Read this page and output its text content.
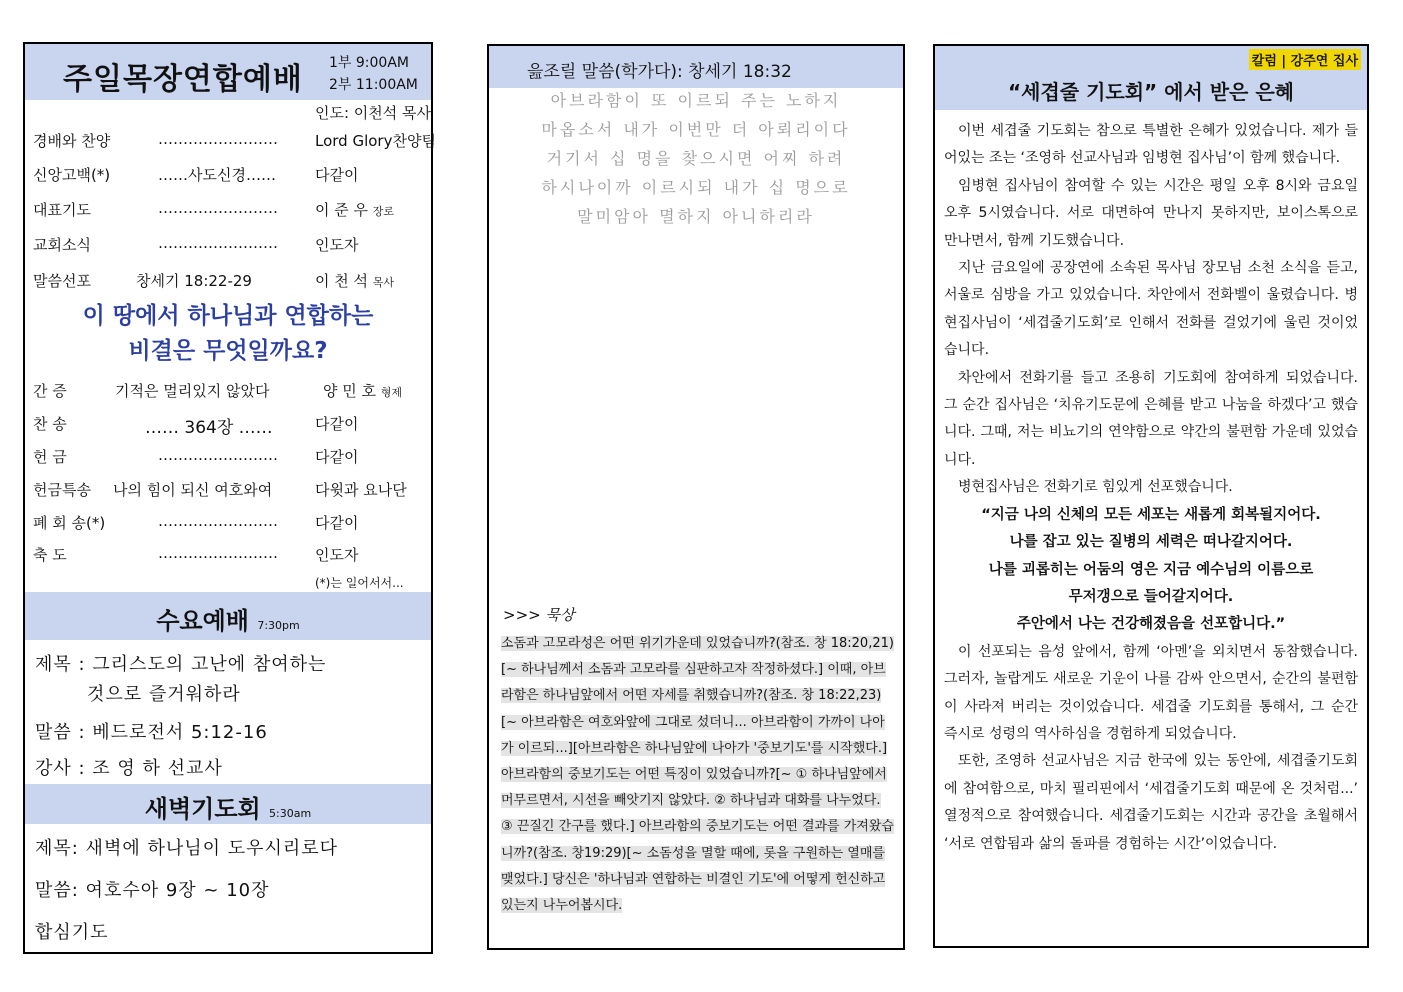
주일목장연합예배 1부 9:00AM
2부 11:00AM
인도: 이천석 목사
경배와 찬양	…………………… Lord Glory찬양팀
신앙고백(*)	……사도신경……	다같이
대표기도	…………………… 이 준 우 장로
교회소식	…………………… 인도자
말씀선포	창세기 18:22-29	이 천 석 목사
이 땅에서 하나님과 연합하는
비결은 무엇일까요?
간 증	기적은 멀리있지 않았다	양 민 호 형제
찬 송	…… 364장 ……	다같이
헌 금	…………………… 다같이
헌금특송 나의 힘이 되신 여호와여	다윗과 요나단
폐 회 송(*)	…………………… 다같이
축 도	…………………… 인도자
(*)는 일어서서...
수요예배 7:30pm
제목 : 그리스도의 고난에 참여하는
것으로 즐거워하라
말씀 : 베드로전서 5:12-16
강사 : 조 영 하 선교사
새벽기도회 5:30am
제목: 새벽에 하나님이 도우시리로다
말씀: 여호수아 9장 ~ 10장
합심기도
읊조릴 말씀(학가다): 창세기 18:32
아브라함이 또 이르되 주는 노하지
마옵소서 내가 이번만 더 아뢰리이다
거기서 십 명을 찾으시면 어찌 하려
하시나이까 이르시되 내가 십 명으로
말미암아 멸하지 아니하리라
>>> 묵상
소돔과 고모라성은 어떤 위기가운데 있었습니까?(참조. 창 18:20,21)[~ 하나님께서 소돔과 고모라를 심판하고자 작정하셨다.] 이때, 아브라함은 하나님앞에서 어떤 자세를 취했습니까?(참조. 창 18:22,23)[~ 아브라함은 여호와앞에 그대로 섰더니... 아브라함이 가까이 나아가 이르되...][아브라함은 하나님앞에 나아가 '중보기도'를 시작했다.] 아브라함의 중보기도는 어떤 특징이 있었습니까?[~ ① 하나님앞에서 머무르면서, 시선을 빼앗기지 않았다. ② 하나님과 대화를 나누었다. ③ 끈질긴 간구를 했다.] 아브라함의 중보기도는 어떤 결과를 가져왔습니까?(참조. 창19:29)[~ 소돔성을 멸할 때에, 롯을 구원하는 열매를 맺었다.] 당신은 '하나님과 연합하는 비결인 기도'에 어떻게 헌신하고 있는지 나누어봅시다.
칼럼 | 강주연 집사
“세겹줄 기도회” 에서 받은 은혜

이번 세겹줄 기도회는 참으로 특별한 은혜가 있었습니다. 제가 들어있는 조는 ‘조영하 선교사님과 임병현 집사님’이 함께 했습니다.

임병현 집사님이 참여할 수 있는 시간은 평일 오후 8시와 금요일 오후 5시였습니다. 서로 대면하여 만나지 못하지만, 보이스톡으로 만나면서, 함께 기도했습니다.

지난 금요일에 공장연에 소속된 목사님 장모님 소천 소식을 듣고, 서울로 심방을 가고 있었습니다. 차안에서 전화벨이 울렸습니다. 병현집사님이 ‘세겹줄기도회’로 인해서 전화를 걸었기에 울린 것이었습니다.

차안에서 전화기를 들고 조용히 기도회에 참여하게 되었습니다. 그 순간 집사님은 ‘치유기도문에 은혜를 받고 나눔을 하겠다’고 했습니다. 그때, 저는 비뇨기의 연약함으로 약간의 불편함 가운데 있었습니다.

병현집사님은 전화기로 힘있게 선포했습니다.

“지금 나의 신체의 모든 세포는 새롭게 회복될지어다.

나를 잡고 있는 질병의 세력은 떠나갈지어다.

나를 괴롭히는 어둠의 영은 지금 예수님의 이름으로

무저갱으로 들어갈지어다.

주안에서 나는 건강해졌음을 선포합니다.”

이 선포되는 음성 앞에서, 함께 ‘아멘’을 외치면서 동참했습니다. 그러자, 놀랍게도 새로운 기운이 나를 감싸 안으면서, 순간의 불편함이 사라져 버리는 것이었습니다. 세겹줄 기도회를 통해서, 그 순간 즉시로 성령의 역사하심을 경험하게 되었습니다.

또한, 조영하 선교사님은 지금 한국에 있는 동안에, 세겹줄기도회에 참여함으로, 마치 필리핀에서 ‘세겹줄기도회 때문에 온 것처럼...’ 열정적으로 참여했습니다. 세겹줄기도회는 시간과 공간을 초월해서 ‘서로 연합됨과 삶의 돌파를 경험하는 시간’이었습니다.
